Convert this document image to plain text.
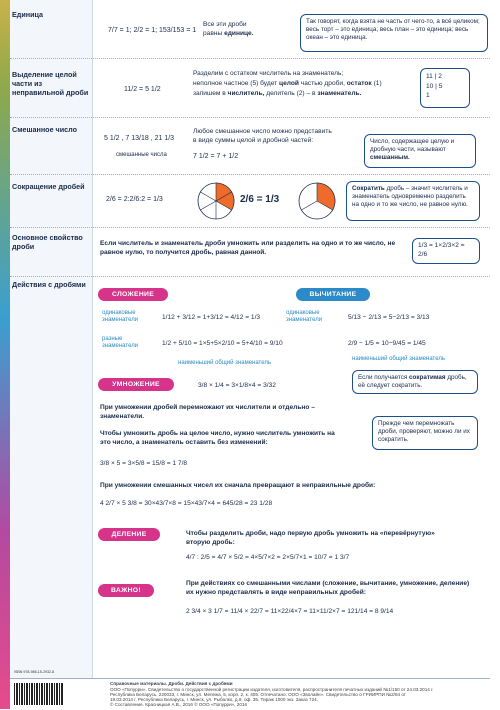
Единица
7/7 = 1; 2/2 = 1; 153/153 = 1
Все эти дроби
равны единице.
Так говорят, когда взята не часть от чего-то, а всё целиком; весь торт – это единица; весь план – это единица; весь океан – это единица.
Выделение целой части из неправильной дроби	11/2 = 5 1/2
Разделим с остатком числитель на знаменатель;
неполное частное (5) будет целой частью дроби, остаток (1)
запишем в числитель, делитель (2) – в знаменатель.
11 | 2
10 | 5
1
Смешанное число
5 1/2 , 7 13/18 , 21 1/3
смешанные числа
Любое смешанное число можно представить
в виде суммы целой и дробной частей:
7 1/2 = 7 + 1/2
Число, содержащее целую и дробную части, называют смешанным.
Сокращение дробей
2/6 = 2:2/6:2 = 1/3	2/6 = 1/3
Сократить дробь – значит числитель и знаменатель одновременно разделить на одно и то же число, не равное нулю.
Основное свойство дроби	Если числитель и знаменатель дроби умножить или разделить на одно и то же число, не равное нулю, то получится дробь, равная данной.
1/3 = 1×2/3×2 = 2/6
Действия с дробями
СЛОЖЕНИЕ
одинаковые знаменатели	1/12 + 3/12 = 1+3/12 = 4/12 = 1/3
разные знаменатели	1/2 + 5/10 = 1×5+5×2/10 = 5+4/10 = 9/10
наименьший общий знаменатель
ВЫЧИТАНИЕ
одинаковые знаменатели	5/13 − 2/13 = 5−2/13 = 3/13
2/9 − 1/5 = 10−9/45 = 1/45
наименьший общий знаменатель
Если получается сократимая дробь, её следует сократить.
УМНОЖЕНИЕ	3/8 × 1/4 = 3×1/8×4 = 3/32
При умножении дробей перемножают их числители и отдельно – знаменатели.
Чтобы умножить дробь на целое число, нужно числитель умножить на это число, а знаменатель оставить без изменений:
3/8 × 5 = 3×5/8 = 15/8 = 1 7/8
При умножении смешанных чисел их сначала превращают в неправильные дроби:
4 2/7 × 5 3/8 = 30×43/7×8 = 15×43/7×4 = 645/28 = 23 1/28
Прежде чем перемножать дроби, проверяют, можно ли их сократить.
ДЕЛЕНИЕ	Чтобы разделить дроби, надо первую дробь умножить на «перевёрнутую» вторую дробь:
4/7 : 2/5 = 4/7 × 5/2 = 4×5/7×2 = 2×5/7×1 = 10/7 = 1 3/7
ВАЖНО!
При действиях со смешанными числами (сложение, вычитание, умножение, деление) их нужно представлять в виде неправильных дробей:
2 3/4 × 3 1/7 = 11/4 × 22/7 = 11×22/4×7 = 11×11/2×7 = 121/14 = 8 9/14
ISBN 978-985-15-2932-8
Справочные материалы. Дроби. Действия с дробями
ООО «Попурри». Свидетельство о государственной регистрации издателя, изготовителя, распространителя печатных изданий №1/150 от 24.03.2014 г.
Республика Беларусь, 220033, г. Минск, ул. Мележа, 5, корп. 2, к. 405. Отпечатано: ООО «Зволайн». Свидетельство о ГРИИРПИ №2/84 от
19.03.2014 г. Республика Беларусь, г. Минск, ул. Рыбалко, д.9, оф. 35. Тираж 1000 экз. Заказ 724.
© Составление. Красницкая А.В., 2016 © ООО «Попурри», 2016
